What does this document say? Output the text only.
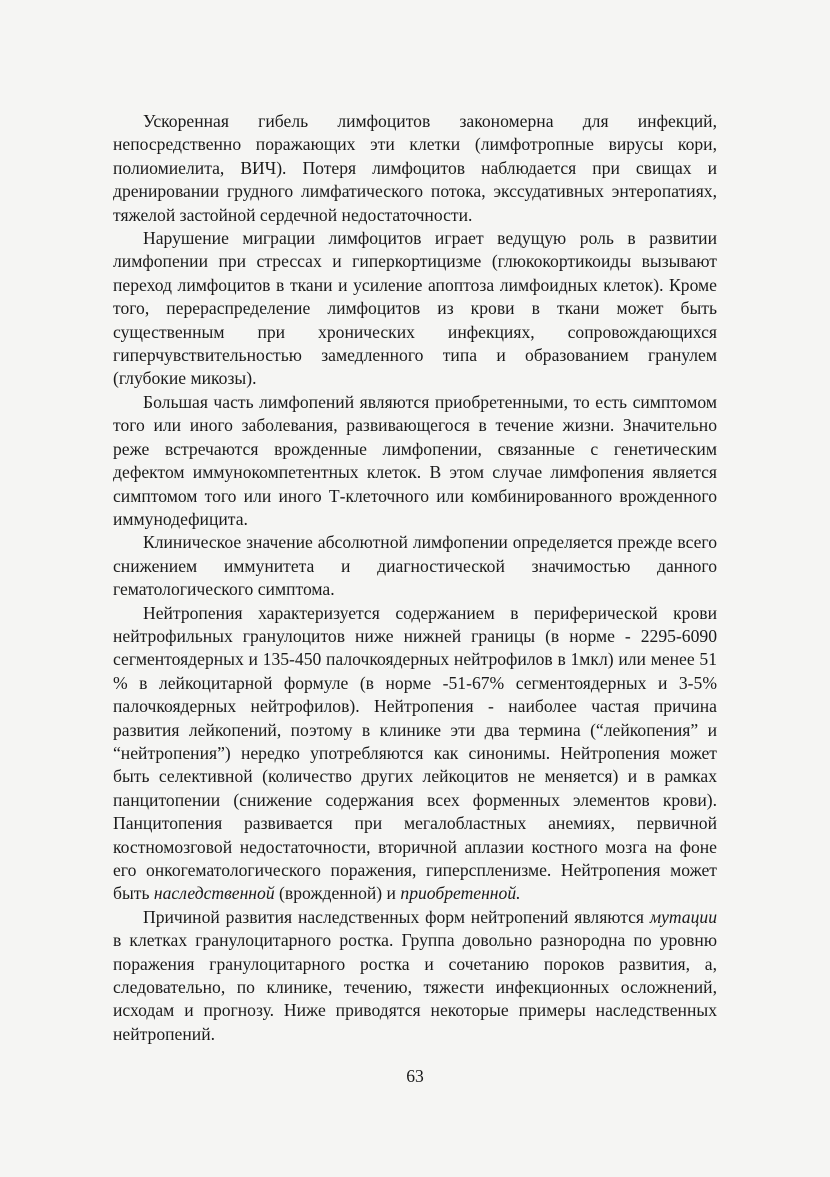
Ускоренная гибель лимфоцитов закономерна для инфекций, непосредственно поражающих эти клетки (лимфотропные вирусы кори, полиомиелита, ВИЧ). Потеря лимфоцитов наблюдается при свищах и дренировании грудного лимфатического потока, экссудативных энтеропатиях, тяжелой застойной сердечной недостаточности.

Нарушение миграции лимфоцитов играет ведущую роль в развитии лимфопении при стрессах и гиперкортицизме (глюкокортикоиды вызывают переход лимфоцитов в ткани и усиление апоптоза лимфоидных клеток). Кроме того, перераспределение лимфоцитов из крови в ткани может быть существенным при хронических инфекциях, сопровождающихся гиперчувствительностью замедленного типа и образованием гранулем (глубокие микозы).

Большая часть лимфопений являются приобретенными, то есть симптомом того или иного заболевания, развивающегося в течение жизни. Значительно реже встречаются врожденные лимфопении, связанные с генетическим дефектом иммунокомпетентных клеток. В этом случае лимфопения является симптомом того или иного Т-клеточного или комбинированного врожденного иммунодефицита.

Клиническое значение абсолютной лимфопении определяется прежде всего снижением иммунитета и диагностической значимостью данного гематологического симптома.

Нейтропения характеризуется содержанием в периферической крови нейтрофильных гранулоцитов ниже нижней границы (в норме - 2295-6090 сегментоядерных и 135-450 палочкоядерных нейтрофилов в 1мкл) или менее 51 % в лейкоцитарной формуле (в норме -51-67% сегментоядерных и 3-5% палочкоядерных нейтрофилов). Нейтропения - наиболее частая причина развития лейкопений, поэтому в клинике эти два термина (“лейкопения” и “нейтропения”) нередко употребляются как синонимы. Нейтропения может быть селективной (количество других лейкоцитов не меняется) и в рамках панцитопении (снижение содержания всех форменных элементов крови). Панцитопения развивается при мегалобластных анемиях, первичной костномозговой недостаточности, вторичной аплазии костного мозга на фоне его онкогематологического поражения, гиперспленизме. Нейтропения может быть наследственной (врожденной) и приобретенной.

Причиной развития наследственных форм нейтропений являются мутации в клетках гранулоцитарного ростка. Группа довольно разнородна по уровню поражения гранулоцитарного ростка и сочетанию пороков развития, а, следовательно, по клинике, течению, тяжести инфекционных осложнений, исходам и прогнозу. Ниже приводятся некоторые примеры наследственных нейтропений.

63
